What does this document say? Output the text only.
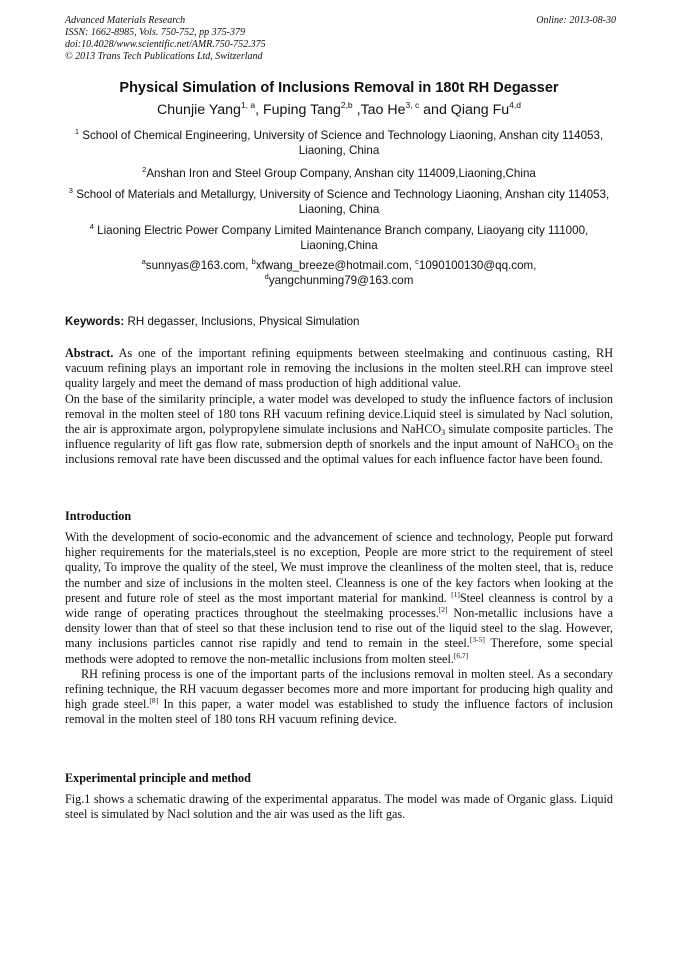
Advanced Materials Research
ISSN: 1662-8985, Vols. 750-752, pp 375-379
doi:10.4028/www.scientific.net/AMR.750-752.375
© 2013 Trans Tech Publications Ltd, Switzerland
Online: 2013-08-30
Physical Simulation of Inclusions Removal in 180t RH Degasser
Chunjie Yang$^{1, a}$, Fuping Tang$^{2,b}$ ,Tao He$^{3, c}$ and Qiang Fu$^{4,d}$
$^1$ School of Chemical Engineering, University of Science and Technology Liaoning, Anshan city 114053, Liaoning, China
$^2$Anshan Iron and Steel Group Company, Anshan city 114009,Liaoning,China
$^3$ School of Materials and Metallurgy, University of Science and Technology Liaoning, Anshan city 114053, Liaoning, China
$^4$ Liaoning Electric Power Company Limited Maintenance Branch company, Liaoyang city 111000, Liaoning,China
$^a$sunnyas@163.com, $^b$xfwang_breeze@hotmail.com, $^c$1090100130@qq.com,
$^d$yangchunming79@163.com
Keywords: RH degasser, Inclusions, Physical Simulation

Abstract. As one of the important refining equipments between steelmaking and continuous casting, RH vacuum refining plays an important role in removing the inclusions in the molten steel.RH can improve steel quality largely and meet the demand of mass production of high additional value.

On the base of the similarity principle, a water model was developed to study the influence factors of inclusion removal in the molten steel of 180 tons RH vacuum refining device.Liquid steel is simulated by Nacl solution, the air is approximate argon, polypropylene simulate inclusions and NaHCO$_3$ simulate composite particles. The influence regularity of lift gas flow rate, submersion depth of snorkels and the input amount of NaHCO$_3$ on the inclusions removal rate have been discussed and the optimal values for each influence factor have been found.

Introduction

With the development of socio-economic and the advancement of science and technology, People put forward higher requirements for the materials,steel is no exception, People are more strict to the requirement of steel quality, To improve the quality of the steel, We must improve the cleanliness of the molten steel, that is, reduce the number and size of inclusions in the molten steel. Cleanness is one of the key factors when looking at the present and future role of steel as the most important material for mankind. [1]Steel cleanness is control by a wide range of operating practices throughout the steelmaking processes.[2] Non-metallic inclusions have a density lower than that of steel so that these inclusion tend to rise out of the liquid steel to the slag. However, many inclusions particles cannot rise rapidly and tend to remain in the steel.[3-5] Therefore, some special methods were adopted to remove the non-metallic inclusions from molten steel.[6,7]

RH refining process is one of the important parts of the inclusions removal in molten steel. As a secondary refining technique, the RH vacuum degasser becomes more and more important for producing high quality and high grade steel.[8] In this paper, a water model was established to study the influence factors of inclusion removal in the molten steel of 180 tons RH vacuum refining device.

Experimental principle and method

Fig.1 shows a schematic drawing of the experimental apparatus. The model was made of Organic glass. Liquid steel is simulated by Nacl solution and the air was used as the lift gas.
